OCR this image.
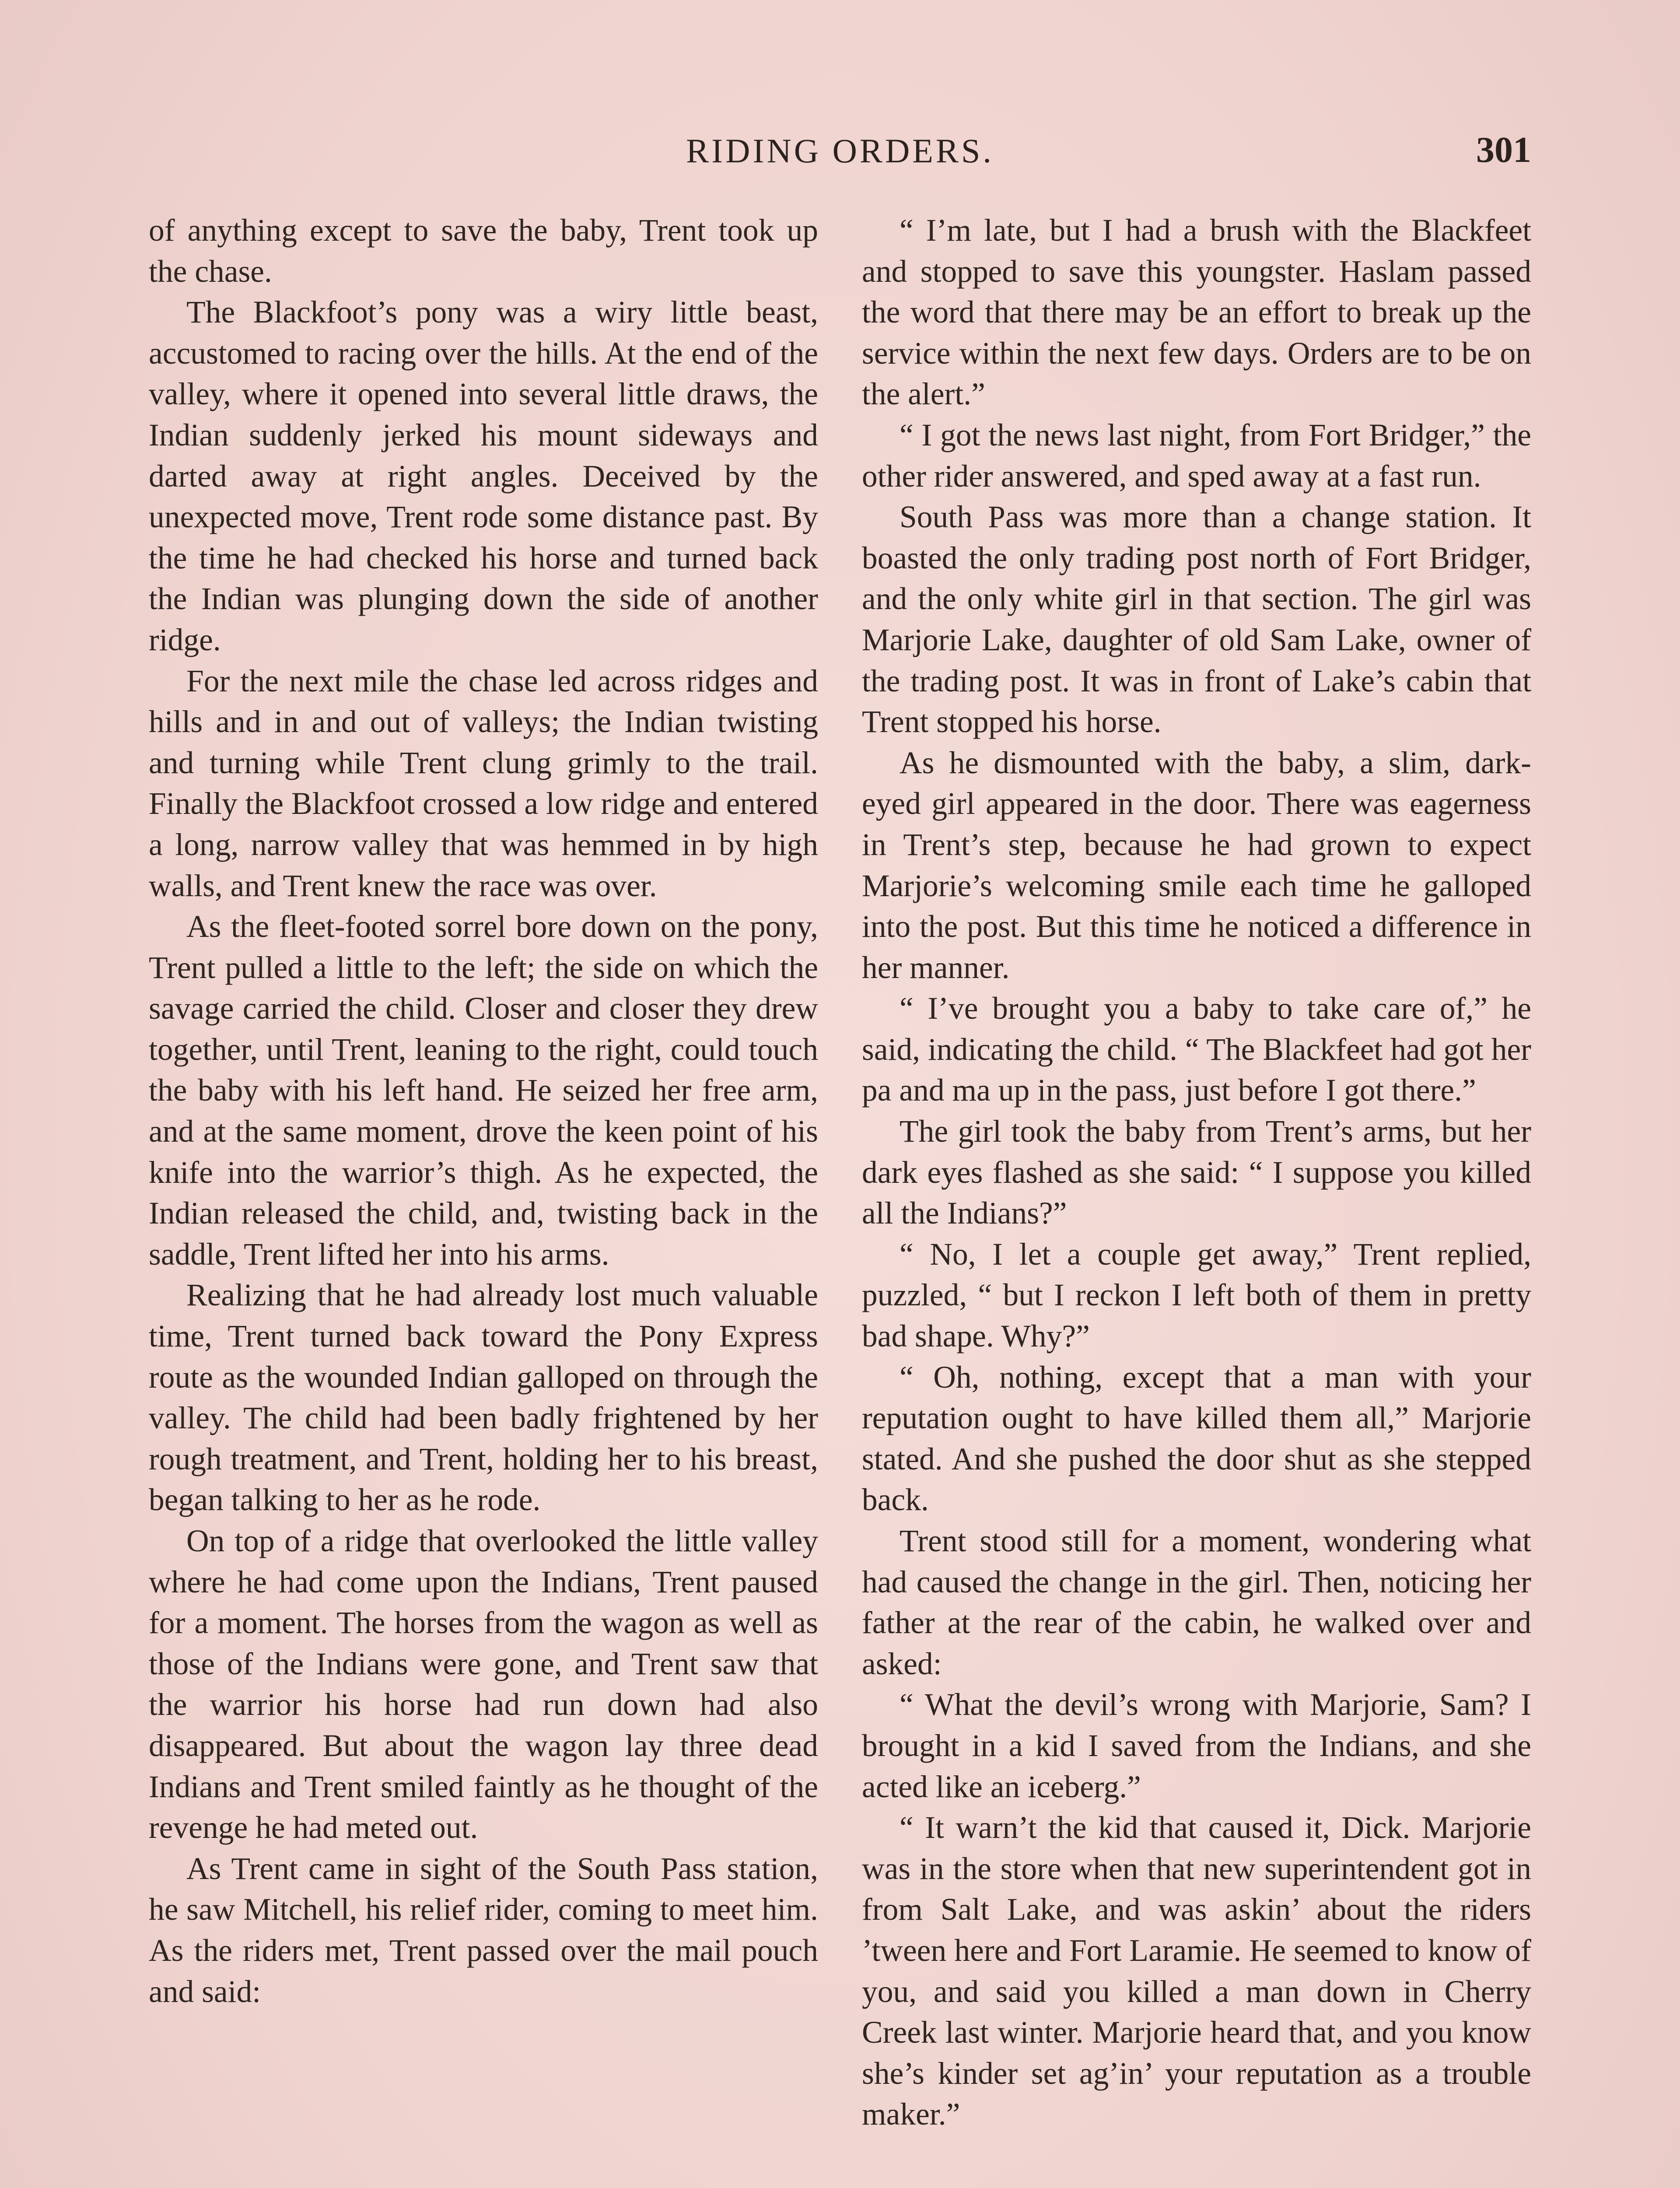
RIDING ORDERS.	301

of anything except to save the baby, Trent took up the chase.

The Blackfoot’s pony was a wiry little beast, accustomed to racing over the hills. At the end of the valley, where it opened into several little draws, the Indian suddenly jerked his mount sideways and darted away at right angles. Deceived by the unexpected move, Trent rode some distance past. By the time he had checked his horse and turned back the Indian was plunging down the side of another ridge.

For the next mile the chase led across ridges and hills and in and out of valleys; the Indian twisting and turning while Trent clung grimly to the trail. Finally the Blackfoot crossed a low ridge and entered a long, narrow valley that was hemmed in by high walls, and Trent knew the race was over.

As the fleet-footed sorrel bore down on the pony, Trent pulled a little to the left; the side on which the savage carried the child. Closer and closer they drew together, until Trent, leaning to the right, could touch the baby with his left hand. He seized her free arm, and at the same moment, drove the keen point of his knife into the warrior’s thigh. As he expected, the Indian released the child, and, twisting back in the saddle, Trent lifted her into his arms.

Realizing that he had already lost much valuable time, Trent turned back toward the Pony Express route as the wounded Indian galloped on through the valley. The child had been badly frightened by her rough treatment, and Trent, holding her to his breast, began talking to her as he rode.

On top of a ridge that overlooked the little valley where he had come upon the Indians, Trent paused for a moment. The horses from the wagon as well as those of the Indians were gone, and Trent saw that the warrior his horse had run down had also disappeared. But about the wagon lay three dead Indians and Trent smiled faintly as he thought of the revenge he had meted out.

As Trent came in sight of the South Pass station, he saw Mitchell, his relief rider, coming to meet him. As the riders met, Trent passed over the mail pouch and said:

“ I’m late, but I had a brush with the Blackfeet and stopped to save this youngster. Haslam passed the word that there may be an effort to break up the service within the next few days. Orders are to be on the alert.”

“ I got the news last night, from Fort Bridger,” the other rider answered, and sped away at a fast run.

South Pass was more than a change station. It boasted the only trading post north of Fort Bridger, and the only white girl in that section. The girl was Marjorie Lake, daughter of old Sam Lake, owner of the trading post. It was in front of Lake’s cabin that Trent stopped his horse.

As he dismounted with the baby, a slim, dark-eyed girl appeared in the door. There was eagerness in Trent’s step, because he had grown to expect Marjorie’s welcoming smile each time he galloped into the post. But this time he noticed a difference in her manner.

“ I’ve brought you a baby to take care of,” he said, indicating the child. “ The Blackfeet had got her pa and ma up in the pass, just before I got there.”

The girl took the baby from Trent’s arms, but her dark eyes flashed as she said: “ I suppose you killed all the Indians?”

“ No, I let a couple get away,” Trent replied, puzzled, “ but I reckon I left both of them in pretty bad shape. Why?”

“ Oh, nothing, except that a man with your reputation ought to have killed them all,” Marjorie stated. And she pushed the door shut as she stepped back.

Trent stood still for a moment, wondering what had caused the change in the girl. Then, noticing her father at the rear of the cabin, he walked over and asked:

“ What the devil’s wrong with Marjorie, Sam? I brought in a kid I saved from the Indians, and she acted like an iceberg.”

“ It warn’t the kid that caused it, Dick. Marjorie was in the store when that new superintendent got in from Salt Lake, and was askin’ about the riders ’tween here and Fort Laramie. He seemed to know of you, and said you killed a man down in Cherry Creek last winter. Marjorie heard that, and you know she’s kinder set ag’in’ your reputation as a trouble maker.”
